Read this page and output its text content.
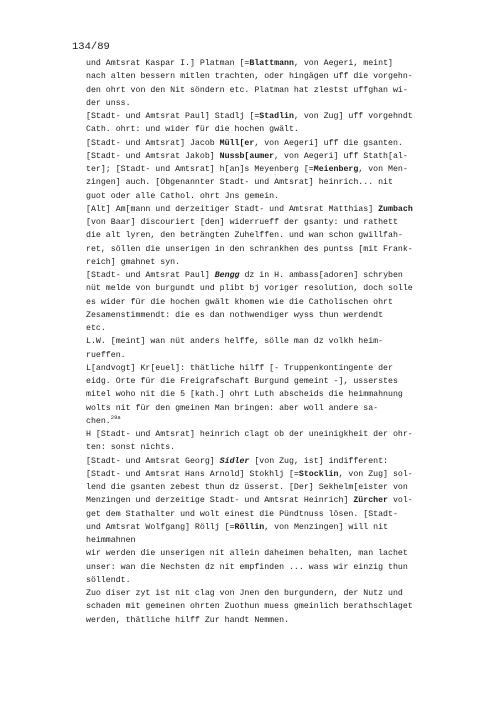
134/89
und Amtsrat Kaspar I.] Platman [=Blattmann, von Aegeri, meint]
nach alten bessern mitlen trachten, oder hingägen uff die vorgehn-
den ohrt von den Nit söndern etc. Platman hat zlestst uffghan wi-
der unss.
[Stadt- und Amtsrat Paul] Stadlj [=Stadlin, von Zug] uff vorgehndt
Cath. ohrt: und wider für die hochen gwält.
[Stadt- und Amtsrat] Jacob Müll[er, von Aegeri] uff die gsanten.
[Stadt- und Amtsrat Jakob] Nussb[aumer, von Aegeri] uff Stath[al-
ter]; [Stadt- und Amtsrat] h[an]s Meyenberg [=Meienberg, von Men-
zingen] auch. [Obgenannter Stadt- und Amtsrat] heinrich... nit
guot oder alle Cathol. ohrt Jns gemein.
[Alt] Am[mann und derzeitiger Stadt- und Amtsrat Matthias] Zumbach
[von Baar] discouriert [den] widerrueff der gsanty: und rathett
die alt lyren, den beträngten Zuhelffen. und wan schon gwillfah-
ret, söllen die unserigen in den schrankhen des puntss [mit Frank-
reich] gmahnet syn.
[Stadt- und Amtsrat Paul] Bengg dz in H. ambass[adoren] schryben
nüt melde von burgundt und plibt bj voriger resolution, doch solle
es wider für die hochen gwält khomen wie die Catholischen ohrt
Zesamenstimmendt: die es dan nothwendiger wyss thun werdendt
etc.
L.W. [meint] wan nüt anders helffe, sölle man dz volkh heim-
rueffen.
L[andvogt] Kr[euel]: thätliche hilff [- Truppenkontingente der
eidg. Orte für die Freigrafschaft Burgund gemeint -], usserstes
mitel woho nit die 5 [kath.] ohrt Luth abscheids die heimmahnung
wolts nit für den gmeinen Man bringen: aber woll andere sa-
chen.$^{29a}$
H [Stadt- und Amtsrat] heinrich clagt ob der uneinigkheit der ohr-
ten: sonst nichts.
[Stadt- und Amtsrat Georg] Sidler [von Zug, ist] indifferent:
[Stadt- und Amtsrat Hans Arnold] Stokhlj [=Stocklin, von Zug] sol-
lend die gsanten zebest thun dz üsserst. [Der] Sekhelm[eister von
Menzingen und derzeitige Stadt- und Amtsrat Heinrich] Zürcher vol-
get dem Stathalter und wolt einest die Pündtnuss lösen. [Stadt-
und Amtsrat Wolfgang] Röllj [=Röllin, von Menzingen] will nit
heimmahnen
wir werden die unserigen nit allein daheimen behalten, man lachet
unser: wan die Nechsten dz nit empfinden ... wass wir einzig thun
söllendt.
Zuo diser zyt ist nit clag von Jnen den burgundern, der Nutz und
schaden mit gemeinen ohrten Zuothun muess gmeinlich berathschlaget
werden, thätliche hilff Zur handt Nemmen.
